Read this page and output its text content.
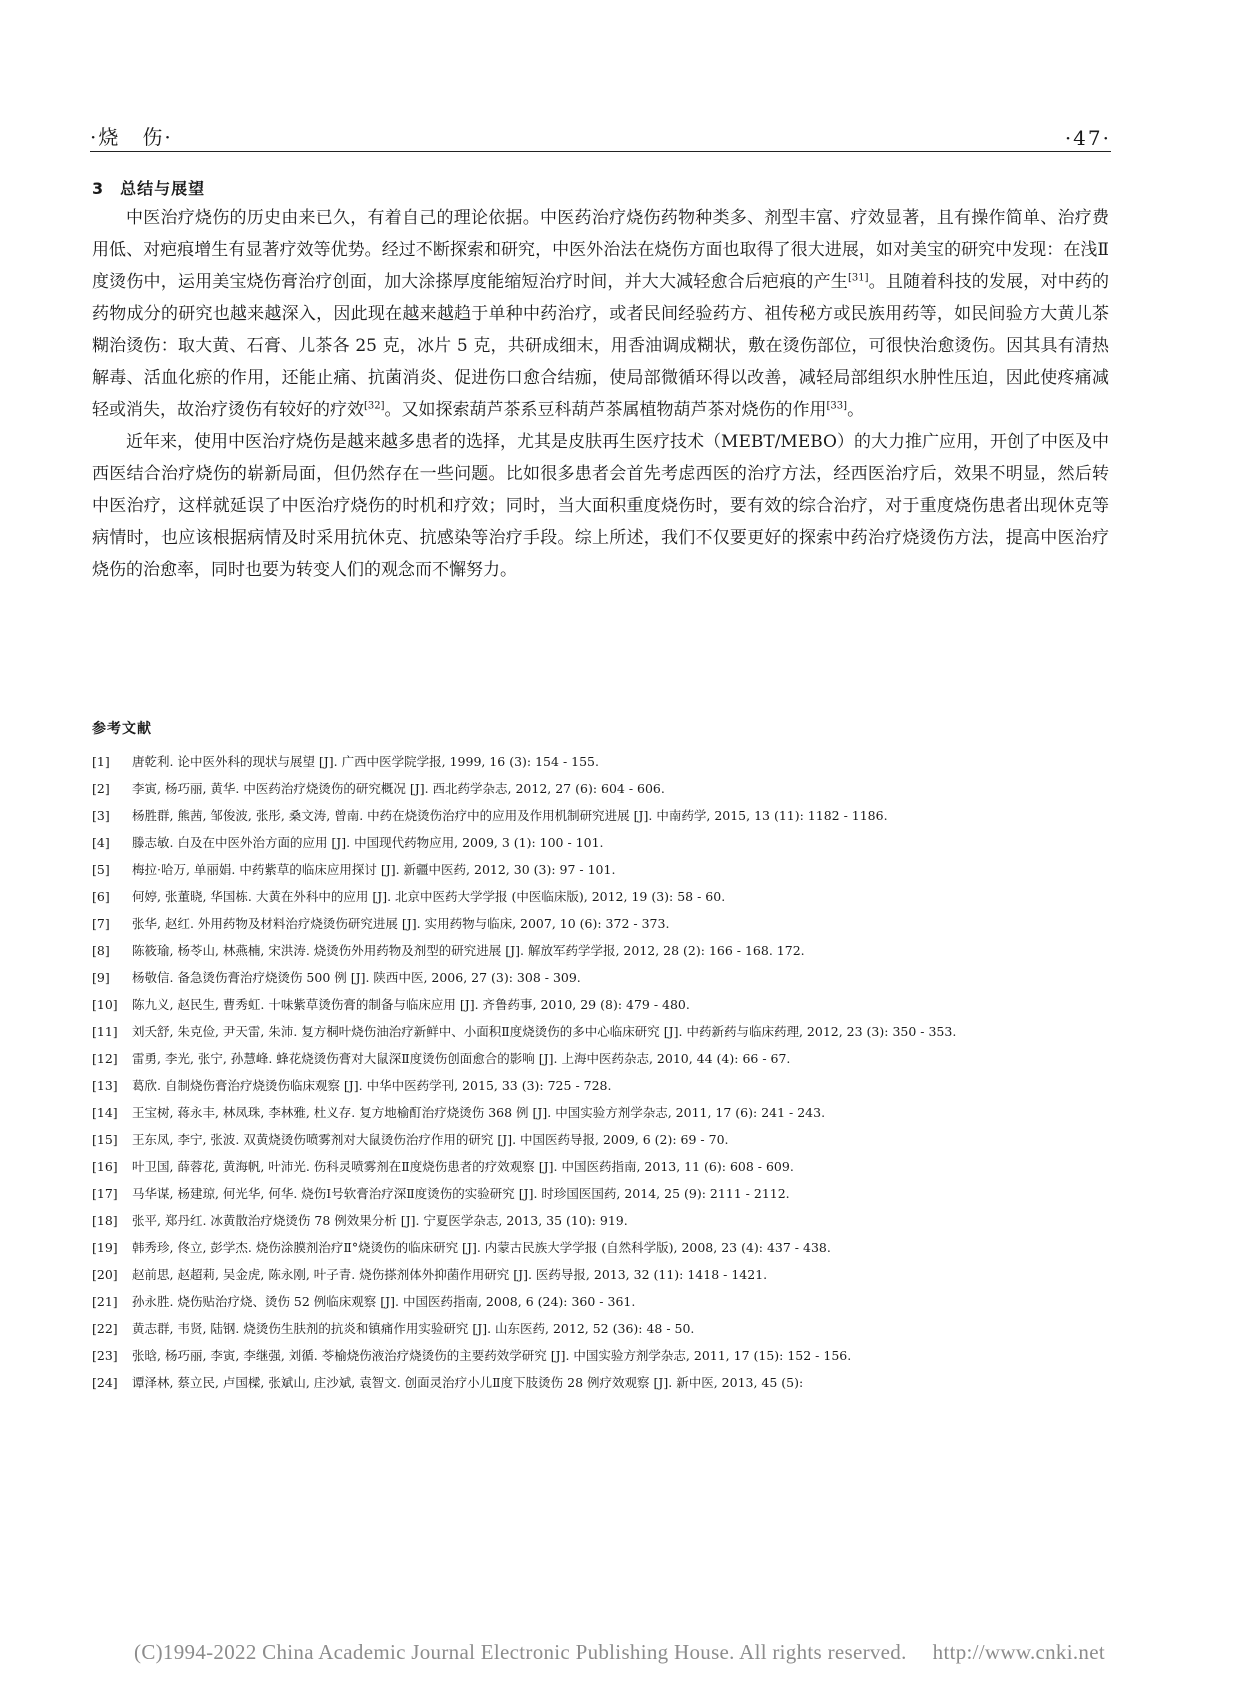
·烧　伤·	·47·
3 总结与展望

中医治疗烧伤的历史由来已久，有着自己的理论依据。中医药治疗烧伤药物种类多、剂型丰富、疗效显著，且有操作简单、治疗费用低、对疤痕增生有显著疗效等优势。经过不断探索和研究，中医外治法在烧伤方面也取得了很大进展，如对美宝的研究中发现：在浅Ⅱ度烫伤中，运用美宝烧伤膏治疗创面，加大涂搽厚度能缩短治疗时间，并大大减轻愈合后疤痕的产生[31]。且随着科技的发展，对中药的药物成分的研究也越来越深入，因此现在越来越趋于单种中药治疗，或者民间经验药方、祖传秘方或民族用药等，如民间验方大黄儿茶糊治烫伤：取大黄、石膏、儿茶各 25 克，冰片 5 克，共研成细末，用香油调成糊状，敷在烫伤部位，可很快治愈烫伤。因其具有清热解毒、活血化瘀的作用，还能止痛、抗菌消炎、促进伤口愈合结痂，使局部微循环得以改善，减轻局部组织水肿性压迫，因此使疼痛减轻或消失，故治疗烫伤有较好的疗效[32]。又如探索葫芦茶系豆科葫芦茶属植物葫芦茶对烧伤的作用[33]。

近年来，使用中医治疗烧伤是越来越多患者的选择，尤其是皮肤再生医疗技术（MEBT/MEBO）的大力推广应用，开创了中医及中西医结合治疗烧伤的崭新局面，但仍然存在一些问题。比如很多患者会首先考虑西医的治疗方法，经西医治疗后，效果不明显，然后转中医治疗，这样就延误了中医治疗烧伤的时机和疗效；同时，当大面积重度烧伤时，要有效的综合治疗，对于重度烧伤患者出现休克等病情时，也应该根据病情及时采用抗休克、抗感染等治疗手段。综上所述，我们不仅要更好的探索中药治疗烧烫伤方法，提高中医治疗烧伤的治愈率，同时也要为转变人们的观念而不懈努力。

参考文献
[1]	唐乾利. 论中医外科的现状与展望 [J]. 广西中医学院学报, 1999, 16 (3): 154 - 155.
[2]	李寅, 杨巧丽, 黄华. 中医药治疗烧烫伤的研究概况 [J]. 西北药学杂志, 2012, 27 (6): 604 - 606.
[3]	杨胜群, 熊茜, 邹俊波, 张彤, 桑文涛, 曾南. 中药在烧烫伤治疗中的应用及作用机制研究进展 [J]. 中南药学, 2015, 13 (11): 1182 - 1186.
[4]	滕志敏. 白及在中医外治方面的应用 [J]. 中国现代药物应用, 2009, 3 (1): 100 - 101.
[5]	梅拉·哈万, 单丽娟. 中药紫草的临床应用探讨 [J]. 新疆中医药, 2012, 30 (3): 97 - 101.
[6]	何婷, 张董晓, 华国栋. 大黄在外科中的应用 [J]. 北京中医药大学学报 (中医临床版), 2012, 19 (3): 58 - 60.
[7]	张华, 赵红. 外用药物及材料治疗烧烫伤研究进展 [J]. 实用药物与临床, 2007, 10 (6): 372 - 373.
[8]	陈筱瑜, 杨苓山, 林燕楠, 宋洪涛. 烧烫伤外用药物及剂型的研究进展 [J]. 解放军药学学报, 2012, 28 (2): 166 - 168. 172.
[9]	杨敬信. 备急烫伤膏治疗烧烫伤 500 例 [J]. 陕西中医, 2006, 27 (3): 308 - 309.
[10]	陈九义, 赵民生, 曹秀虹. 十味紫草烫伤膏的制备与临床应用 [J]. 齐鲁药事, 2010, 29 (8): 479 - 480.
[11]	刘夭舒, 朱克俭, 尹天雷, 朱沛. 复方桐叶烧伤油治疗新鲜中、小面积Ⅱ度烧烫伤的多中心临床研究 [J]. 中药新药与临床药理, 2012, 23 (3): 350 - 353.
[12]	雷勇, 李光, 张宁, 孙慧峰. 蜂花烧烫伤膏对大鼠深Ⅱ度烫伤创面愈合的影响 [J]. 上海中医药杂志, 2010, 44 (4): 66 - 67.
[13]	葛欣. 自制烧伤膏治疗烧烫伤临床观察 [J]. 中华中医药学刊, 2015, 33 (3): 725 - 728.
[14]	王宝树, 蒋永丰, 林凤珠, 李林雅, 杜义存. 复方地榆酊治疗烧烫伤 368 例 [J]. 中国实验方剂学杂志, 2011, 17 (6): 241 - 243.
[15]	王东凤, 李宁, 张波. 双黄烧烫伤喷雾剂对大鼠烫伤治疗作用的研究 [J]. 中国医药导报, 2009, 6 (2): 69 - 70.
[16]	叶卫国, 薛蓉花, 黄海帆, 叶沛光. 伤科灵喷雾剂在Ⅱ度烧伤患者的疗效观察 [J]. 中国医药指南, 2013, 11 (6): 608 - 609.
[17]	马华谋, 杨建琼, 何光华, 何华. 烧伤Ⅰ号软膏治疗深Ⅱ度烫伤的实验研究 [J]. 时珍国医国药, 2014, 25 (9): 2111 - 2112.
[18]	张平, 郑丹红. 冰黄散治疗烧烫伤 78 例效果分析 [J]. 宁夏医学杂志, 2013, 35 (10): 919.
[19]	韩秀珍, 佟立, 彭学杰. 烧伤涂膜剂治疗Ⅱ°烧烫伤的临床研究 [J]. 内蒙古民族大学学报 (自然科学版), 2008, 23 (4): 437 - 438.
[20]	赵前思, 赵超莉, 吴金虎, 陈永刚, 叶子青. 烧伤搽剂体外抑菌作用研究 [J]. 医药导报, 2013, 32 (11): 1418 - 1421.
[21]	孙永胜. 烧伤贴治疗烧、烫伤 52 例临床观察 [J]. 中国医药指南, 2008, 6 (24): 360 - 361.
[22]	黄志群, 韦贤, 陆钢. 烧烫伤生肤剂的抗炎和镇痛作用实验研究 [J]. 山东医药, 2012, 52 (36): 48 - 50.
[23]	张晗, 杨巧丽, 李寅, 李继强, 刘循. 苓榆烧伤液治疗烧烫伤的主要药效学研究 [J]. 中国实验方剂学杂志, 2011, 17 (15): 152 - 156.
[24]	谭泽林, 蔡立民, 卢国樑, 张斌山, 庄沙斌, 袁智文. 创面灵治疗小儿Ⅱ度下肢烫伤 28 例疗效观察 [J]. 新中医, 2013, 45 (5):
(C)1994-2022 China Academic Journal Electronic Publishing House. All rights reserved. http://www.cnki.net
